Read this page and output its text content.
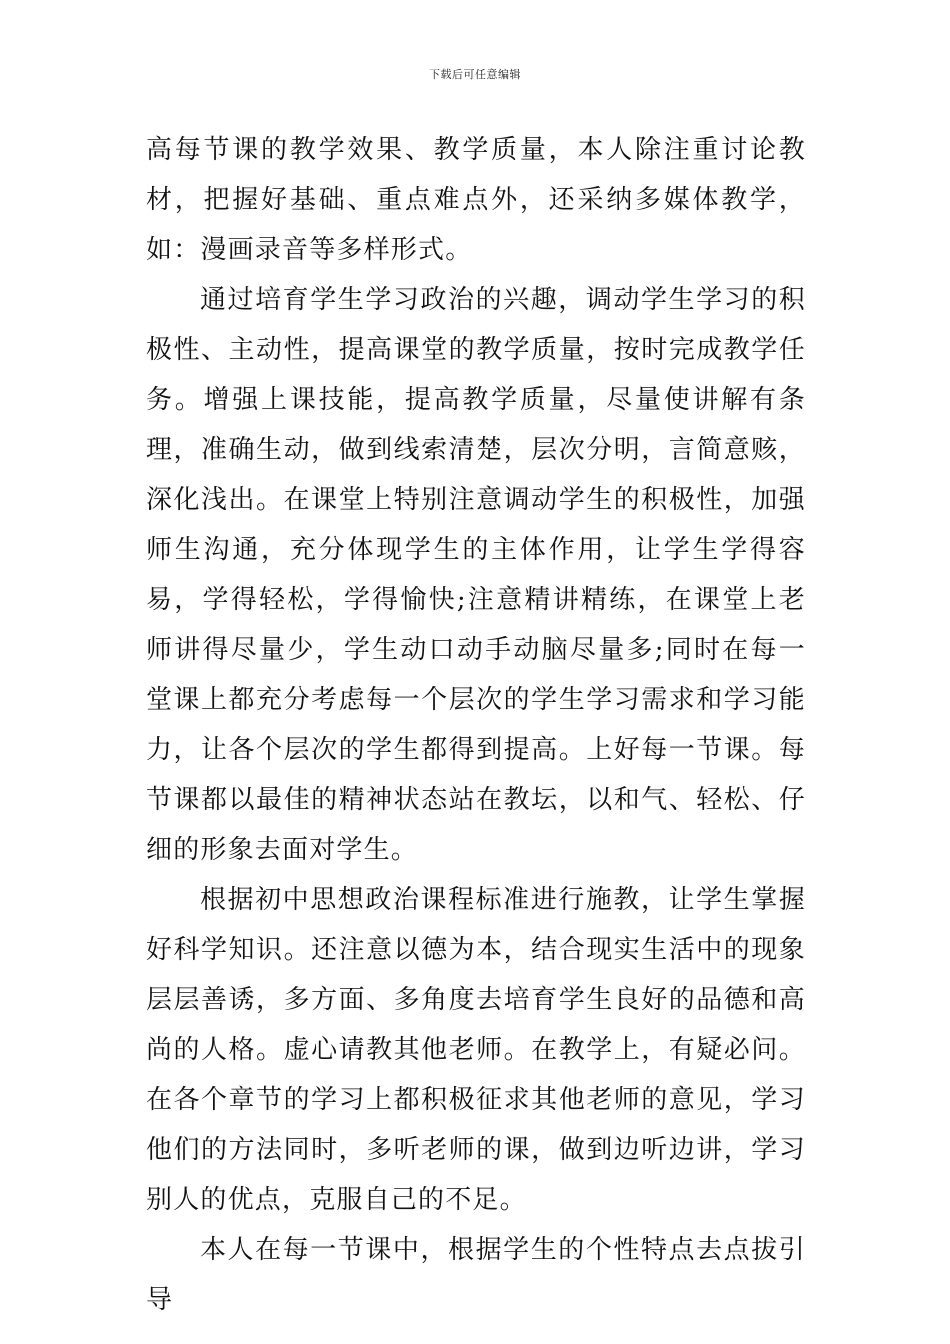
下载后可任意编辑

高每节课的教学效果、教学质量，本人除注重讨论教材，把握好基础、重点难点外，还采纳多媒体教学，如：漫画录音等多样形式。

通过培育学生学习政治的兴趣，调动学生学习的积极性、主动性，提高课堂的教学质量，按时完成教学任务。增强上课技能，提高教学质量，尽量使讲解有条理，准确生动，做到线索清楚，层次分明，言简意赅，深化浅出。在课堂上特别注意调动学生的积极性，加强师生沟通，充分体现学生的主体作用，让学生学得容易，学得轻松，学得愉快;注意精讲精练，在课堂上老师讲得尽量少，学生动口动手动脑尽量多;同时在每一堂课上都充分考虑每一个层次的学生学习需求和学习能力，让各个层次的学生都得到提高。上好每一节课。每节课都以最佳的精神状态站在教坛，以和气、轻松、仔细的形象去面对学生。

根据初中思想政治课程标准进行施教，让学生掌握好科学知识。还注意以德为本，结合现实生活中的现象层层善诱，多方面、多角度去培育学生良好的品德和高尚的人格。虚心请教其他老师。在教学上，有疑必问。在各个章节的学习上都积极征求其他老师的意见，学习他们的方法同时，多听老师的课，做到边听边讲，学习别人的优点，克服自己的不足。

本人在每一节课中，根据学生的个性特点去点拔引导
